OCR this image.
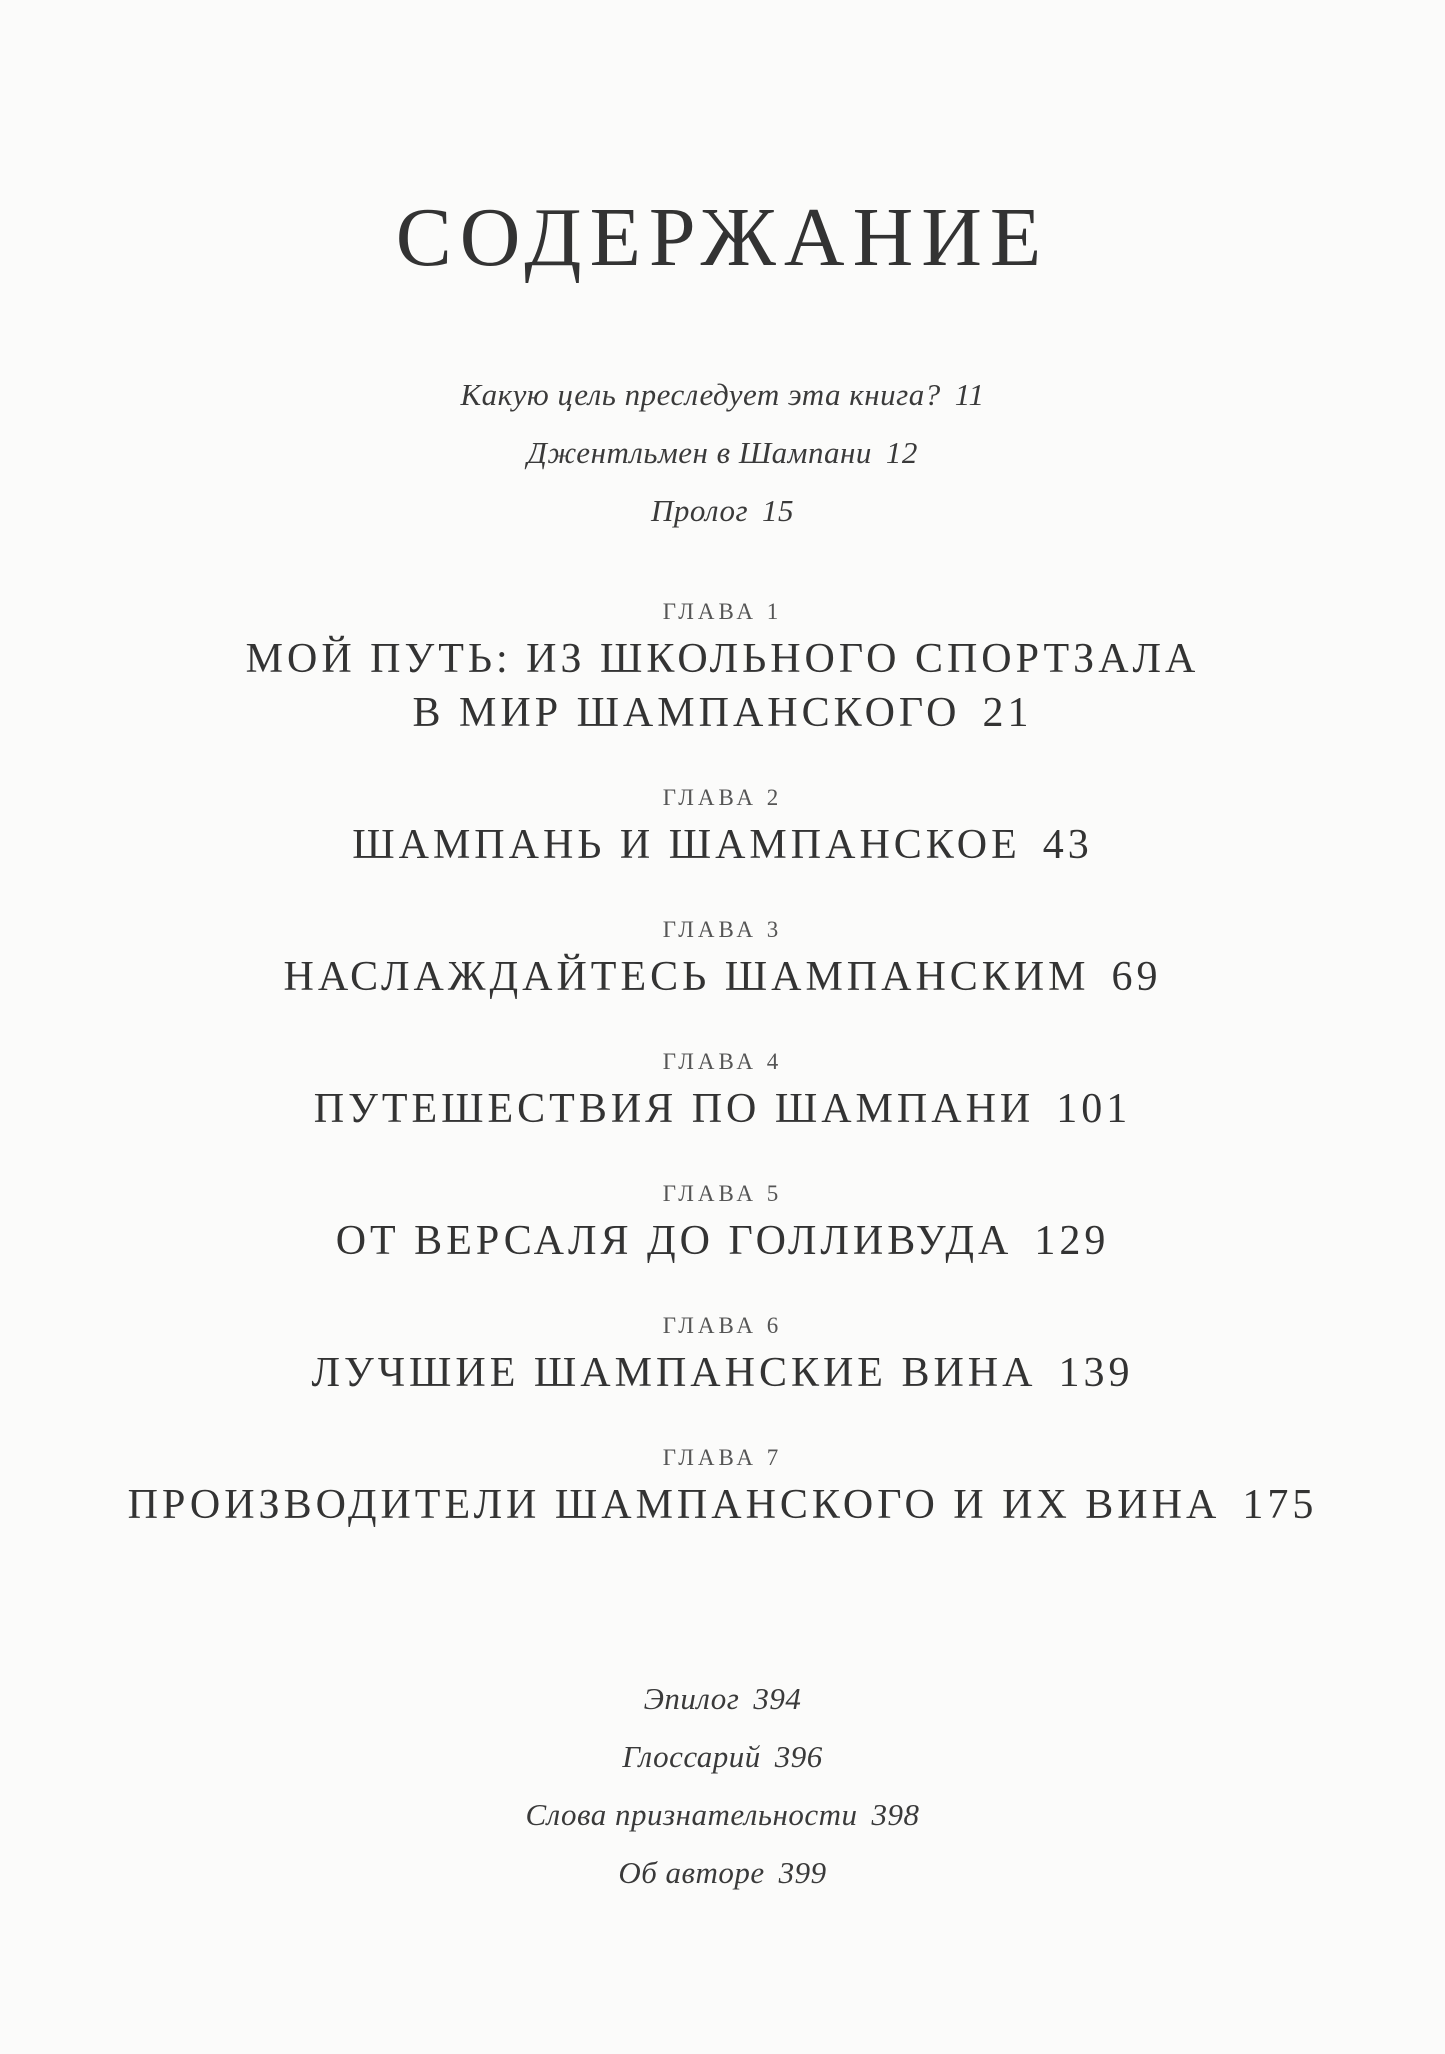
СОДЕРЖАНИЕ
Какую цель преследует эта книга? 11
Джентльмен в Шампани 12
Пролог 15
ГЛАВА 1
МОЙ ПУТЬ: ИЗ ШКОЛЬНОГО СПОРТЗАЛА
В МИР ШАМПАНСКОГО 21
ГЛАВА 2
ШАМПАНЬ И ШАМПАНСКОЕ 43
ГЛАВА 3
НАСЛАЖДАЙТЕСЬ ШАМПАНСКИМ 69
ГЛАВА 4
ПУТЕШЕСТВИЯ ПО ШАМПАНИ 101
ГЛАВА 5
ОТ ВЕРСАЛЯ ДО ГОЛЛИВУДА 129
ГЛАВА 6
ЛУЧШИЕ ШАМПАНСКИЕ ВИНА 139
ГЛАВА 7
ПРОИЗВОДИТЕЛИ ШАМПАНСКОГО И ИХ ВИНА 175
Эпилог 394
Глоссарий 396
Слова признательности 398
Об авторе 399
